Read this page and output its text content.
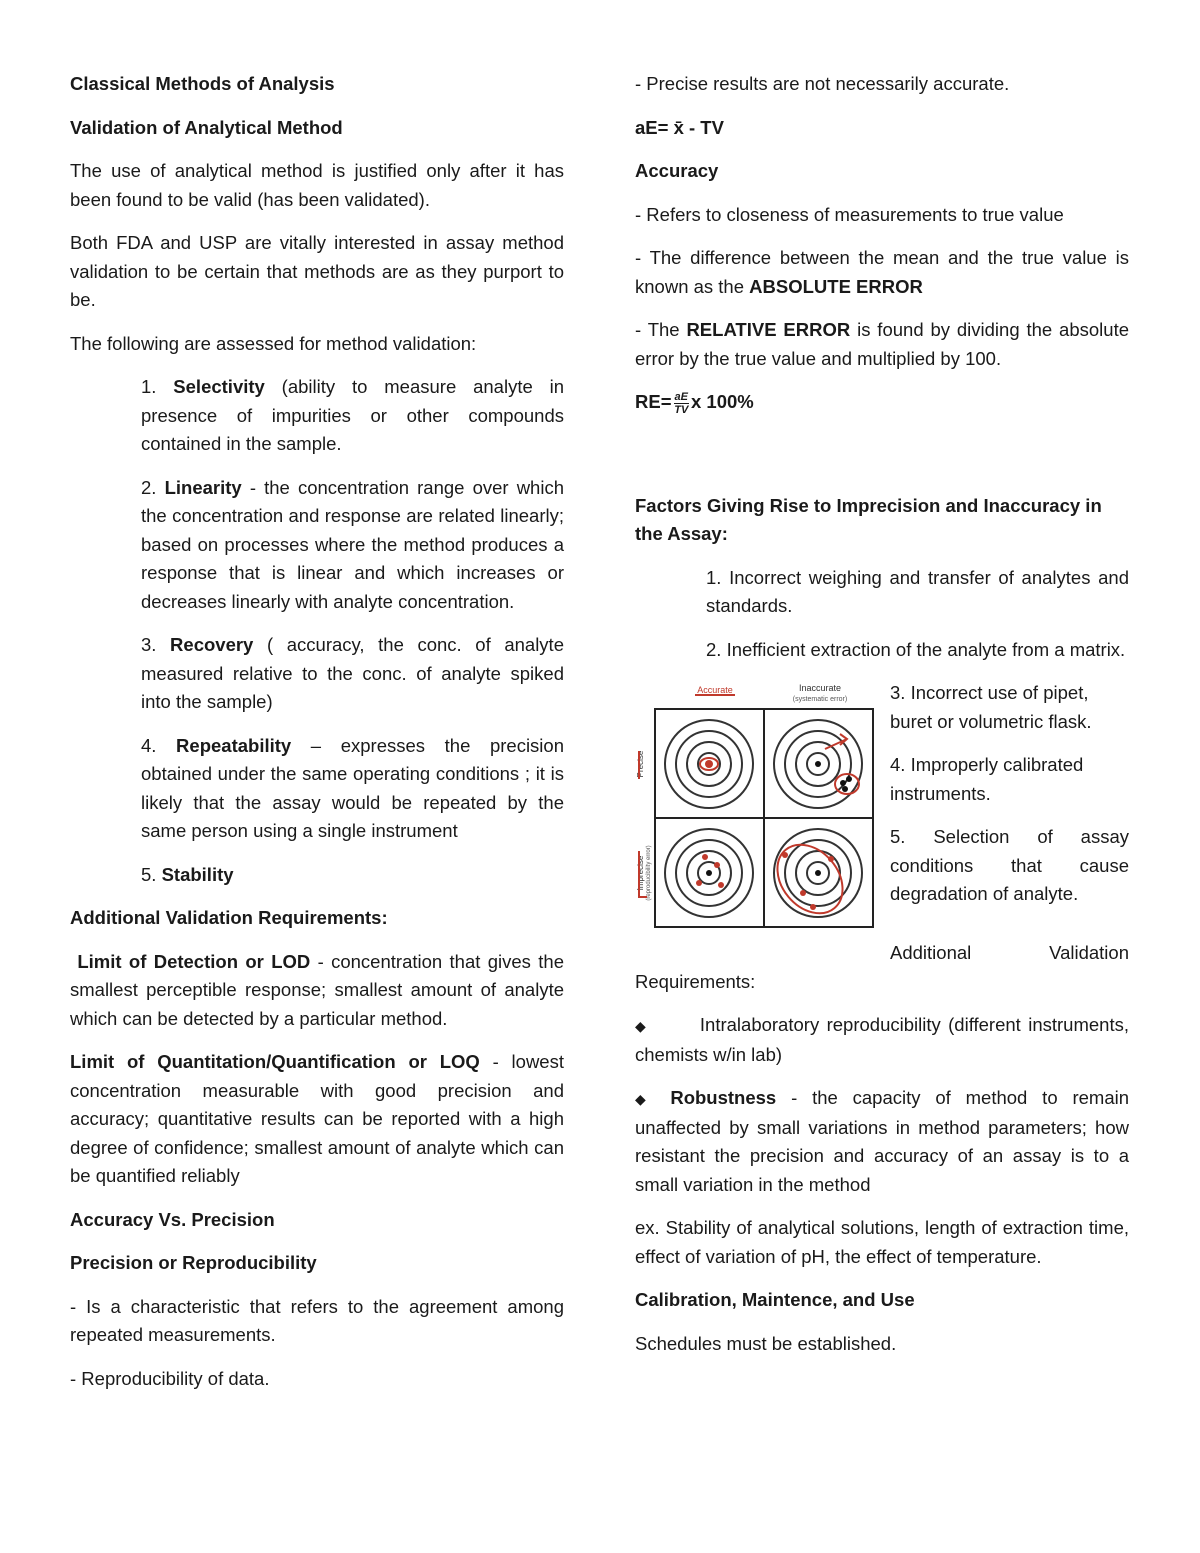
Classical Methods of Analysis

Validation of Analytical Method

The use of analytical method is justified only after it has been found to be valid (has been validated).

Both FDA and USP are vitally interested in assay method validation to be certain that methods are as they purport to be.

The following are assessed for method validation:

1. Selectivity (ability to measure analyte in presence of impurities or other compounds contained in the sample.

2. Linearity - the concentration range over which the concentration and response are related linearly; based on processes where the method produces a response that is linear and which increases or decreases linearly with analyte concentration.

3. Recovery ( accuracy, the conc. of analyte measured relative to the conc. of analyte spiked into the sample)

4. Repeatability – expresses the precision obtained under the same operating conditions ; it is likely that the assay would be repeated by the same person using a single instrument

5. Stability

Additional Validation Requirements:

Limit of Detection or LOD - concentration that gives the smallest perceptible response; smallest amount of analyte which can be detected by a particular method.

Limit of Quantitation/Quantification or LOQ - lowest concentration measurable with good precision and accuracy; quantitative results can be reported with a high degree of confidence; smallest amount of analyte which can be quantified reliably

Accuracy Vs. Precision

Precision or Reproducibility

- Is a characteristic that refers to the agreement among repeated measurements.

- Reproducibility of data.

- Precise results are not necessarily accurate.

aE= x̄ - TV

Accuracy

- Refers to closeness of measurements to true value

- The difference between the mean and the true value is known as the ABSOLUTE ERROR

- The RELATIVE ERROR is found by dividing the absolute error by the true value and multiplied by 100.

$RE= \frac{aE}{TV}$ x 100%

Factors Giving Rise to Imprecision and Inaccuracy in the Assay:

1. Incorrect weighing and transfer of analytes and standards.

2. Inefficient extraction of the analyte from a matrix.

Accurate	Inaccurate
(systematic error)
Precise
Imprecise (reproducibility error)

3. Incorrect use of pipet, buret or volumetric flask.

4. Improperly calibrated instruments.

5. Selection of assay conditions that cause degradation of analyte.

Additional Validation Requirements:

◆	Intralaboratory reproducibility (different instruments, chemists w/in lab)

◆ Robustness - the capacity of method to remain unaffected by small variations in method parameters; how resistant the precision and accuracy of an assay is to a small variation in the method

ex. Stability of analytical solutions, length of extraction time, effect of variation of pH, the effect of temperature.

Calibration, Maintence, and Use

Schedules must be established.
